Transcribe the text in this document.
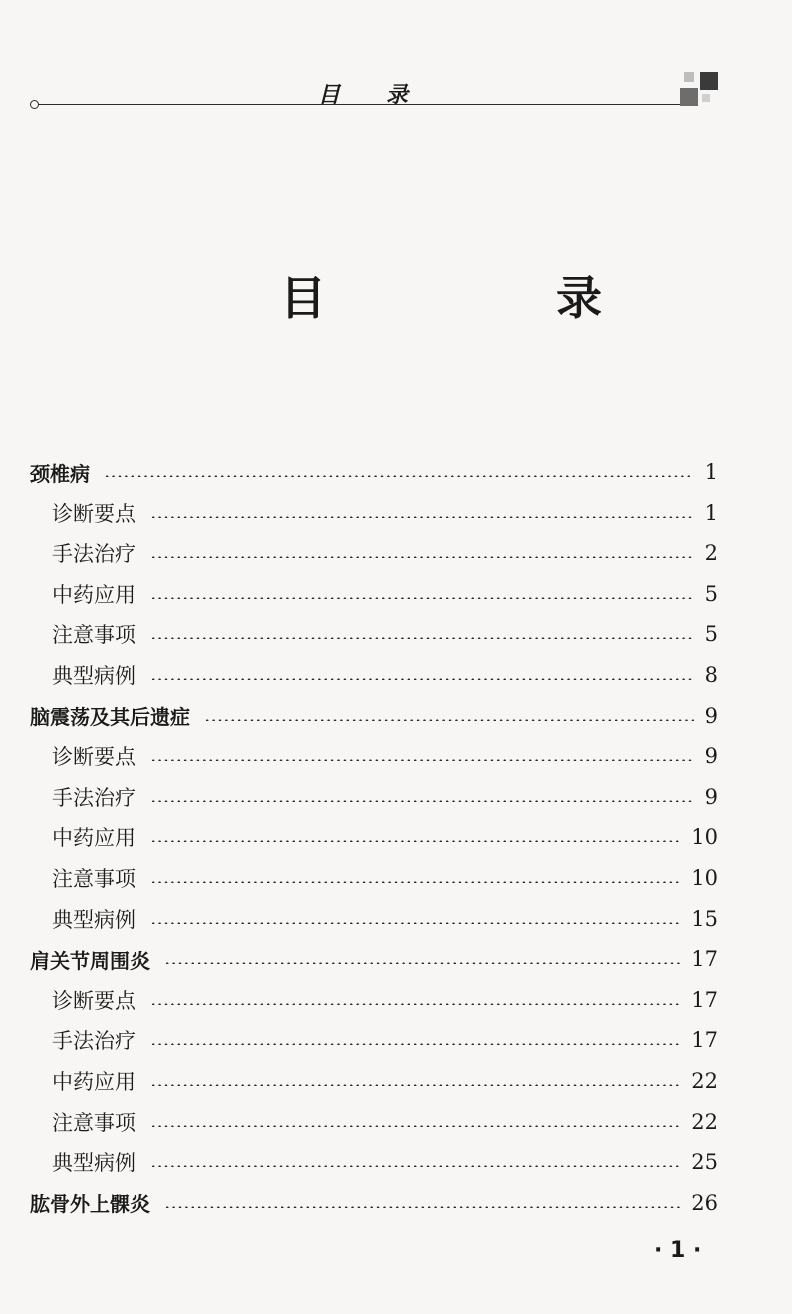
目录
目　录
颈椎病	1
诊断要点	1
手法治疗	2
中药应用	5
注意事项	5
典型病例	8
脑震荡及其后遗症	9
诊断要点	9
手法治疗	9
中药应用	10
注意事项	10
典型病例	15
肩关节周围炎	17
诊断要点	17
手法治疗	17
中药应用	22
注意事项	22
典型病例	25
肱骨外上髁炎	26
· 1 ·
